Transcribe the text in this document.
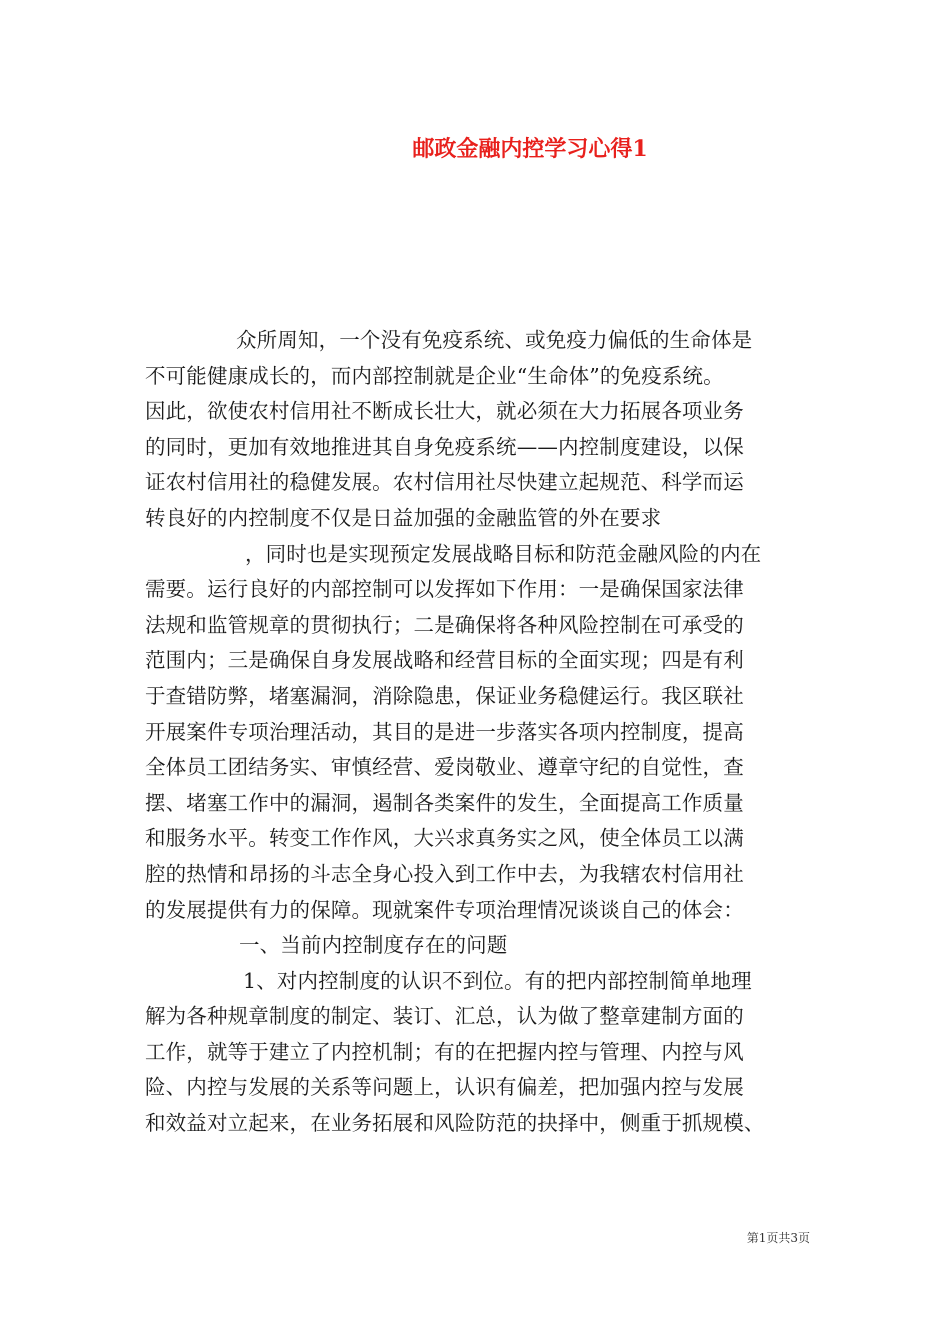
邮政金融内控学习心得1
众所周知，一个没有免疫系统、或免疫力偏低的生命体是
不可能健康成长的，而内部控制就是企业“生命体”的免疫系统。
因此，欲使农村信用社不断成长壮大，就必须在大力拓展各项业务
的同时，更加有效地推进其自身免疫系统——内控制度建设，以保
证农村信用社的稳健发展。农村信用社尽快建立起规范、科学而运
转良好的内控制度不仅是日益加强的金融监管的外在要求
，同时也是实现预定发展战略目标和防范金融风险的内在
需要。运行良好的内部控制可以发挥如下作用：一是确保国家法律
法规和监管规章的贯彻执行；二是确保将各种风险控制在可承受的
范围内；三是确保自身发展战略和经营目标的全面实现；四是有利
于查错防弊，堵塞漏洞，消除隐患，保证业务稳健运行。我区联社
开展案件专项治理活动，其目的是进一步落实各项内控制度，提高
全体员工团结务实、审慎经营、爱岗敬业、遵章守纪的自觉性，查
摆、堵塞工作中的漏洞，遏制各类案件的发生，全面提高工作质量
和服务水平。转变工作作风，大兴求真务实之风，使全体员工以满
腔的热情和昂扬的斗志全身心投入到工作中去，为我辖农村信用社
的发展提供有力的保障。现就案件专项治理情况谈谈自己的体会：
一、当前内控制度存在的问题
1、对内控制度的认识不到位。有的把内部控制简单地理
解为各种规章制度的制定、装订、汇总，认为做了整章建制方面的
工作，就等于建立了内控机制；有的在把握内控与管理、内控与风
险、内控与发展的关系等问题上，认识有偏差，把加强内控与发展
和效益对立起来，在业务拓展和风险防范的抉择中，侧重于抓规模、
第1页共3页
